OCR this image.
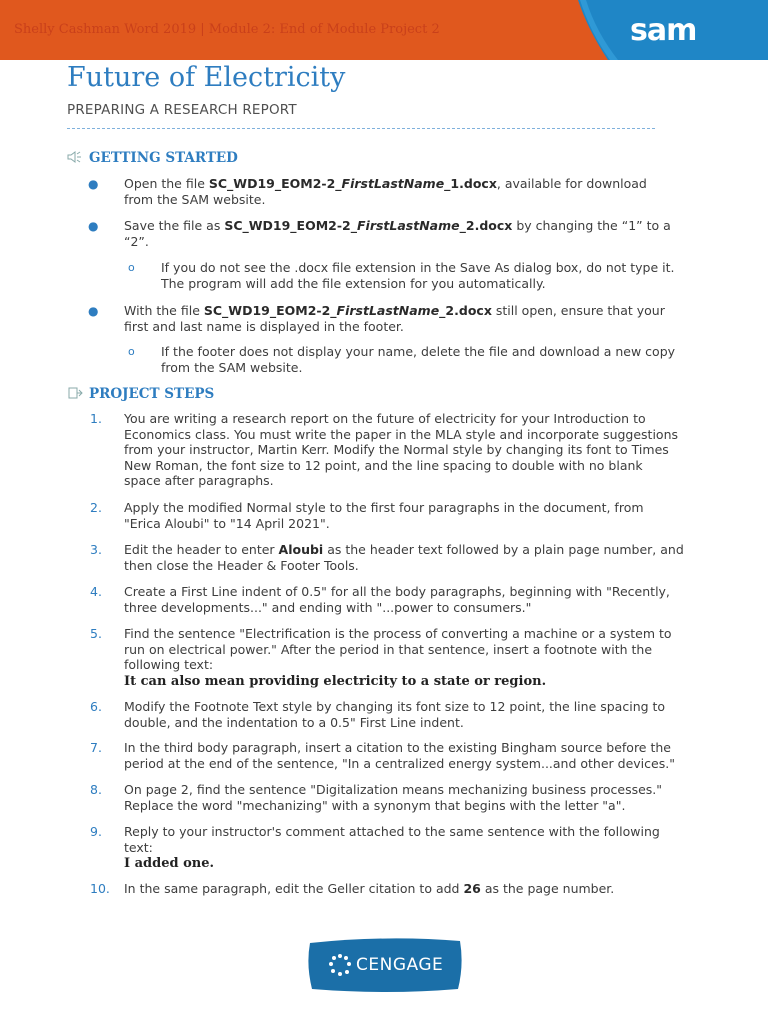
Shelly Cashman Word 2019 | Module 2: End of Module Project 2	sam
Future of Electricity
PREPARING A RESEARCH REPORT
GETTING STARTED
● Open the file SC_WD19_EOM2-2_FirstLastName_1.docx, available for download
from the SAM website.
● Save the file as SC_WD19_EOM2-2_FirstLastName_2.docx by changing the “1” to a
“2”.
o If you do not see the .docx file extension in the Save As dialog box, do not type it.
The program will add the file extension for you automatically.
● With the file SC_WD19_EOM2-2_FirstLastName_2.docx still open, ensure that your
first and last name is displayed in the footer.
o If the footer does not display your name, delete the file and download a new copy
from the SAM website.
PROJECT STEPS
1. You are writing a research report on the future of electricity for your Introduction to
Economics class. You must write the paper in the MLA style and incorporate suggestions
from your instructor, Martin Kerr. Modify the Normal style by changing its font to Times
New Roman, the font size to 12 point, and the line spacing to double with no blank
space after paragraphs.
2. Apply the modified Normal style to the first four paragraphs in the document, from
"Erica Aloubi" to "14 April 2021".
3. Edit the header to enter Aloubi as the header text followed by a plain page number, and
then close the Header & Footer Tools.
4. Create a First Line indent of 0.5" for all the body paragraphs, beginning with "Recently,
three developments..." and ending with "...power to consumers."
5. Find the sentence "Electrification is the process of converting a machine or a system to
run on electrical power." After the period in that sentence, insert a footnote with the
following text:
It can also mean providing electricity to a state or region.
6. Modify the Footnote Text style by changing its font size to 12 point, the line spacing to
double, and the indentation to a 0.5" First Line indent.
7. In the third body paragraph, insert a citation to the existing Bingham source before the
period at the end of the sentence, "In a centralized energy system...and other devices."
8. On page 2, find the sentence "Digitalization means mechanizing business processes."
Replace the word "mechanizing" with a synonym that begins with the letter "a".
9. Reply to your instructor's comment attached to the same sentence with the following
text:
I added one.
10. In the same paragraph, edit the Geller citation to add 26 as the page number.
CENGAGE
